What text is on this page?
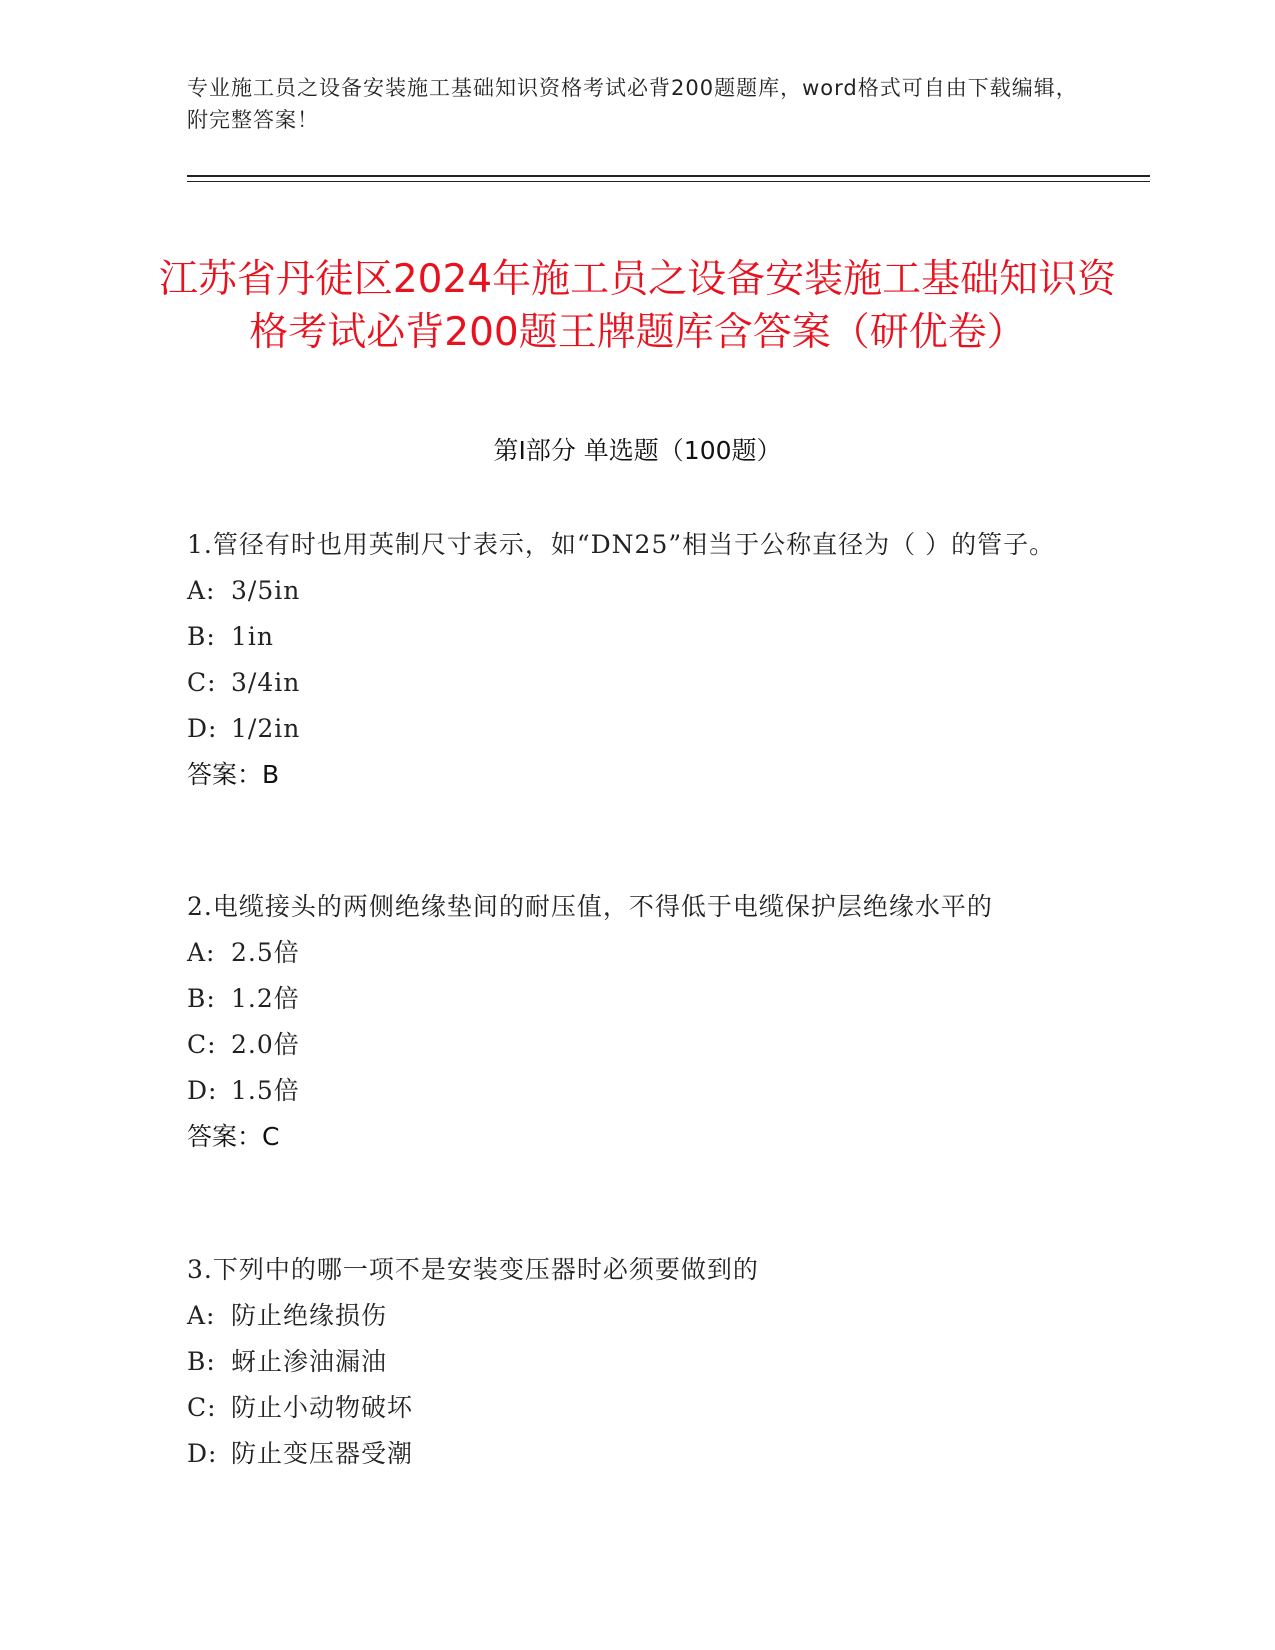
专业施工员之设备安装施工基础知识资格考试必背200题题库，word格式可自由下载编辑，附完整答案！
江苏省丹徒区2024年施工员之设备安装施工基础知识资格考试必背200题王牌题库含答案（研优卷）
第Ⅰ部分 单选题（100题）

1.管径有时也用英制尺寸表示，如“DN25”相当于公称直径为（ ）的管子。

A: 3/5in

B: 1in

C: 3/4in

D: 1/2in

答案：B

2.电缆接头的两侧绝缘垫间的耐压值，不得低于电缆保护层绝缘水平的

A: 2.5倍

B: 1.2倍

C: 2.0倍

D: 1.5倍

答案：C

3.下列中的哪一项不是安装变压器时必须要做到的

A: 防止绝缘损伤

B: 蚜止渗油漏油

C: 防止小动物破坏

D: 防止变压器受潮
